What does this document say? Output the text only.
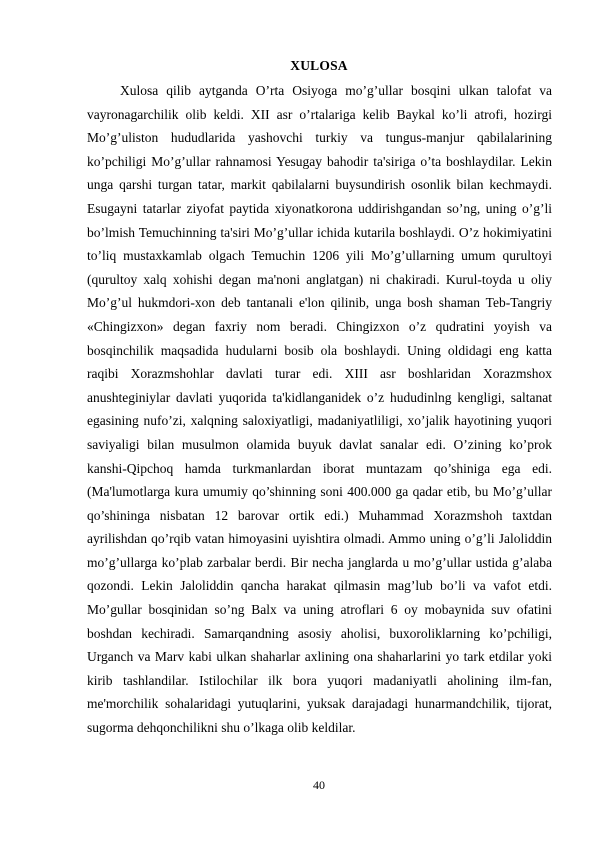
XULOSA

Xulosa qilib aytganda O’rta Osiyoga mo’g’ullar bosqini ulkan talofat va vayronagarchilik olib keldi. XII asr o’rtalariga kelib Baykal ko’li atrofi, hozirgi Mo’g’uliston hududlarida yashovchi turkiy va tungus-manjur qabilalarining ko’pchiligi Mo’g’ullar rahnamosi Yesugay bahodir ta'siriga o’ta boshlaydilar. Lekin unga qarshi turgan tatar, markit qabilalarni buysundirish osonlik bilan kechmaydi. Esugayni tatarlar ziyofat paytida xiyonatkorona uddirishgandan so’ng, uning o’g’li bo’lmish Temuchinning ta'siri Mo’g’ullar ichida kutarila boshlaydi. O’z hokimiyatini to’liq mustaxkamlab olgach Temuchin 1206 yili Mo’g’ullarning umum qurultoyi (qurultoy xalq xohishi degan ma'noni anglatgan) ni chakiradi. Kurul-toyda u oliy Mo’g’ul hukmdori-xon deb tantanali e'lon qilinib, unga bosh shaman Teb-Tangriy «Chingizxon» degan faxriy nom beradi. Chingizxon o’z qudratini yoyish va bosqinchilik maqsadida hudularni bosib ola boshlaydi. Uning oldidagi eng katta raqibi Xorazmshohlar davlati turar edi. XIII asr boshlaridan Xorazmshox anushteginiylar davlati yuqorida ta'kidlanganidek o’z hududinlng kengligi, saltanat egasining nufo’zi, xalqning saloxiyatligi, madaniyatliligi, xo’jalik hayotining yuqori saviyaligi bilan musulmon olamida buyuk davlat sanalar edi. O’zining ko’prok kanshi-Qipchoq hamda turkmanlardan iborat muntazam qo’shiniga ega edi. (Ma'lumotlarga kura umumiy qo’shinning soni 400.000 ga qadar etib, bu Mo’g’ullar qo’shininga nisbatan 12 barovar ortik edi.) Muhammad Xorazmshoh taxtdan ayrilishdan qo’rqib vatan himoyasini uyishtira olmadi. Ammo uning o’g’li Jaloliddin mo’g’ullarga ko’plab zarbalar berdi. Bir necha janglarda u mo’g’ullar ustida g’alaba qozondi. Lekin Jaloliddin qancha harakat qilmasin mag’lub bo’li va vafot etdi. Mo’gullar bosqinidan so’ng Balx va uning atroflari 6 oy mobaynida suv ofatini boshdan kechiradi. Samarqandning asosiy aholisi, buxoroliklarning ko’pchiligi, Urganch va Marv kabi ulkan shaharlar axlining ona shaharlarini yo tark etdilar yoki kirib tashlandilar. Istilochilar ilk bora yuqori madaniyatli aholining ilm-fan, me'morchilik sohalaridagi yutuqlarini, yuksak darajadagi hunarmandchilik, tijorat, sugorma dehqonchilikni shu o’lkaga olib keldilar.

40
